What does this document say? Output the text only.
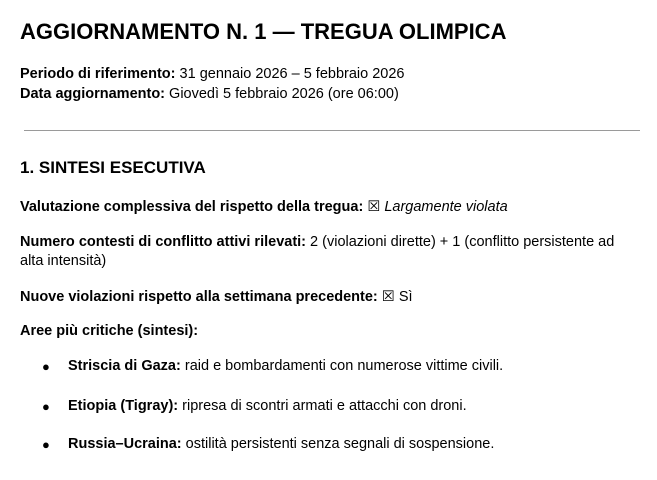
AGGIORNAMENTO N. 1 — TREGUA OLIMPICA
Periodo di riferimento: 31 gennaio 2026 – 5 febbraio 2026
Data aggiornamento: Giovedì 5 febbraio 2026 (ore 06:00)
1. SINTESI ESECUTIVA
Valutazione complessiva del rispetto della tregua: ☒ Largamente violata
Numero contesti di conflitto attivi rilevati: 2 (violazioni dirette) + 1 (conflitto persistente ad alta intensità)
Nuove violazioni rispetto alla settimana precedente: ☒ Sì
Aree più critiche (sintesi):
● Striscia di Gaza: raid e bombardamenti con numerose vittime civili.
● Etiopia (Tigray): ripresa di scontri armati e attacchi con droni.
● Russia–Ucraina: ostilità persistenti senza segnali di sospensione.
